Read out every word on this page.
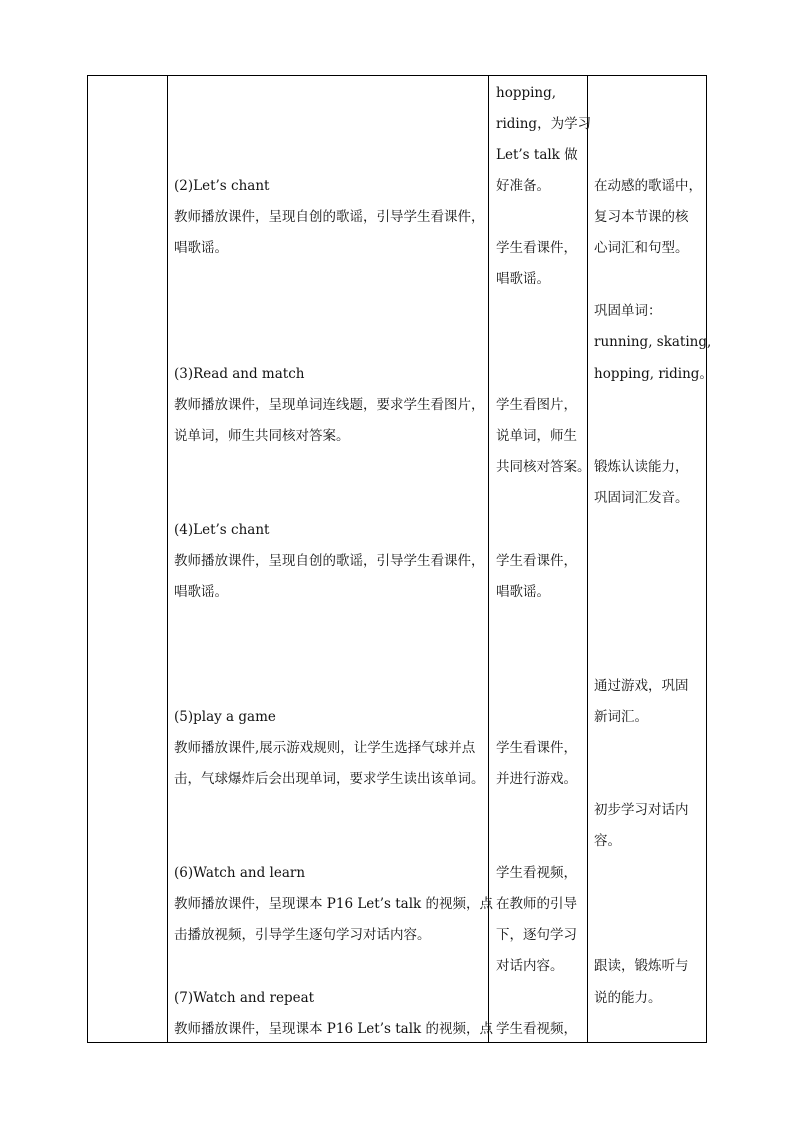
(2)Let’s chant
教师播放课件，呈现自创的歌谣，引导学生看课件，
唱歌谣。
(3)Read and match
教师播放课件，呈现单词连线题，要求学生看图片，
说单词，师生共同核对答案。
(4)Let’s chant
教师播放课件，呈现自创的歌谣，引导学生看课件，
唱歌谣。
(5)play a game
教师播放课件,展示游戏规则，让学生选择气球并点
击，气球爆炸后会出现单词，要求学生读出该单词。
(6)Watch and learn
教师播放课件，呈现课本 P16 Let’s talk 的视频，点
击播放视频，引导学生逐句学习对话内容。
(7)Watch and repeat
教师播放课件，呈现课本 P16 Let’s talk 的视频，点
hopping,
riding，为学习
Let’s talk 做
好准备。
学生看课件，
唱歌谣。
学生看图片，
说单词，师生
共同核对答案。
学生看课件，
唱歌谣。
学生看课件，
并进行游戏。
学生看视频，
在教师的引导
下，逐句学习
对话内容。
学生看视频，
在动感的歌谣中，
复习本节课的核
心词汇和句型。
巩固单词：
running, skating,
hopping, riding。
锻炼认读能力，
巩固词汇发音。
通过游戏，巩固
新词汇。
初步学习对话内
容。
跟读，锻炼听与
说的能力。
